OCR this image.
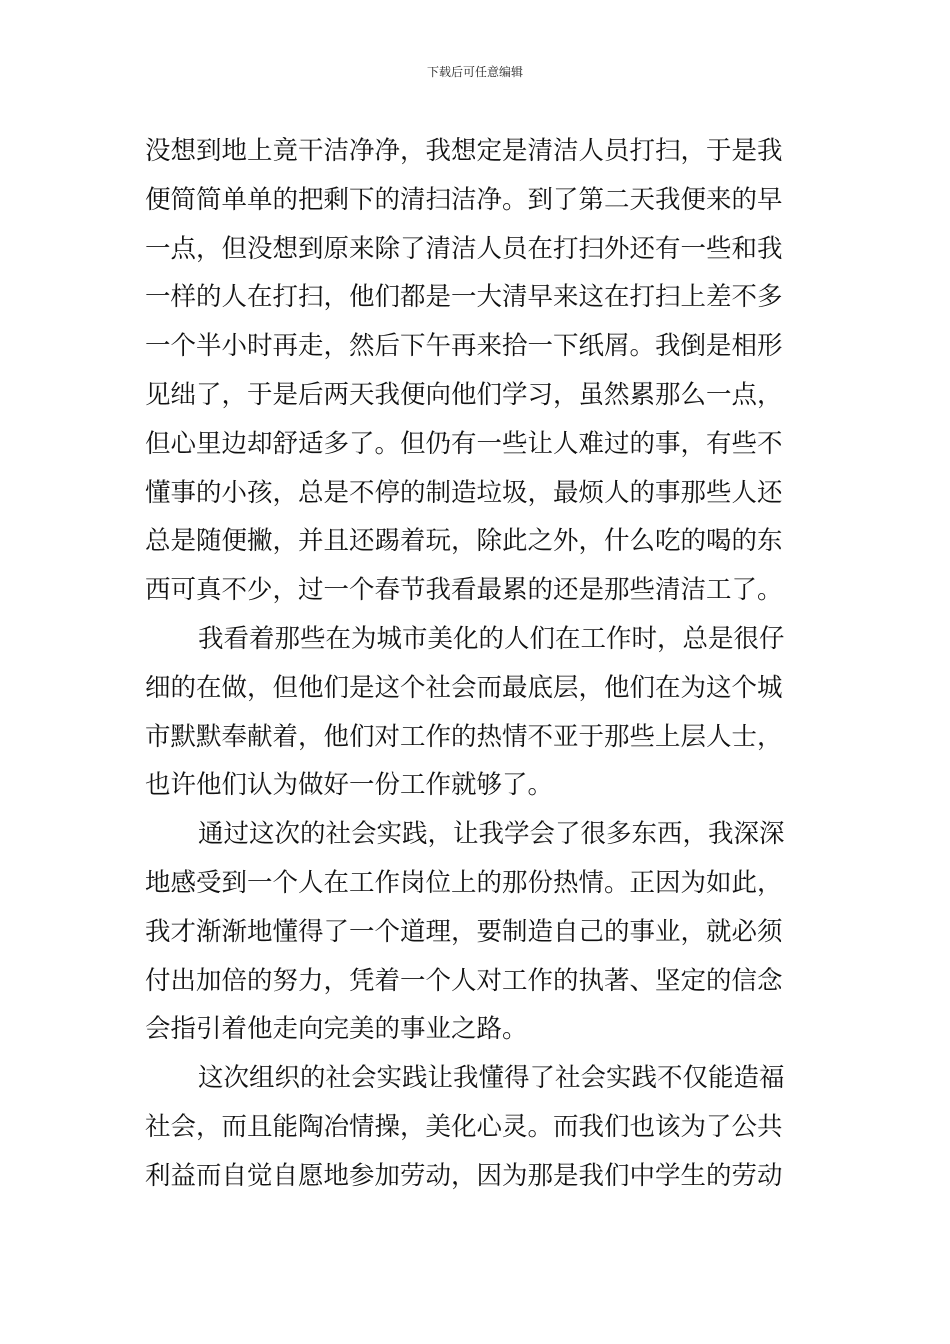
下载后可任意编辑
没想到地上竟干洁净净，我想定是清洁人员打扫，于是我
便简简单单的把剩下的清扫洁净。到了第二天我便来的早
一点，但没想到原来除了清洁人员在打扫外还有一些和我
一样的人在打扫，他们都是一大清早来这在打扫上差不多
一个半小时再走，然后下午再来拾一下纸屑。我倒是相形
见绌了，于是后两天我便向他们学习，虽然累那么一点，
但心里边却舒适多了。但仍有一些让人难过的事，有些不
懂事的小孩，总是不停的制造垃圾，最烦人的事那些人还
总是随便撇，并且还踢着玩，除此之外，什么吃的喝的东
西可真不少，过一个春节我看最累的还是那些清洁工了。
我看着那些在为城市美化的人们在工作时，总是很仔
细的在做，但他们是这个社会而最底层，他们在为这个城
市默默奉献着，他们对工作的热情不亚于那些上层人士，
也许他们认为做好一份工作就够了。
通过这次的社会实践，让我学会了很多东西，我深深
地感受到一个人在工作岗位上的那份热情。正因为如此，
我才渐渐地懂得了一个道理，要制造自己的事业，就必须
付出加倍的努力，凭着一个人对工作的执著、坚定的信念
会指引着他走向完美的事业之路。
这次组织的社会实践让我懂得了社会实践不仅能造福
社会，而且能陶冶情操，美化心灵。而我们也该为了公共
利益而自觉自愿地参加劳动，因为那是我们中学生的劳动
